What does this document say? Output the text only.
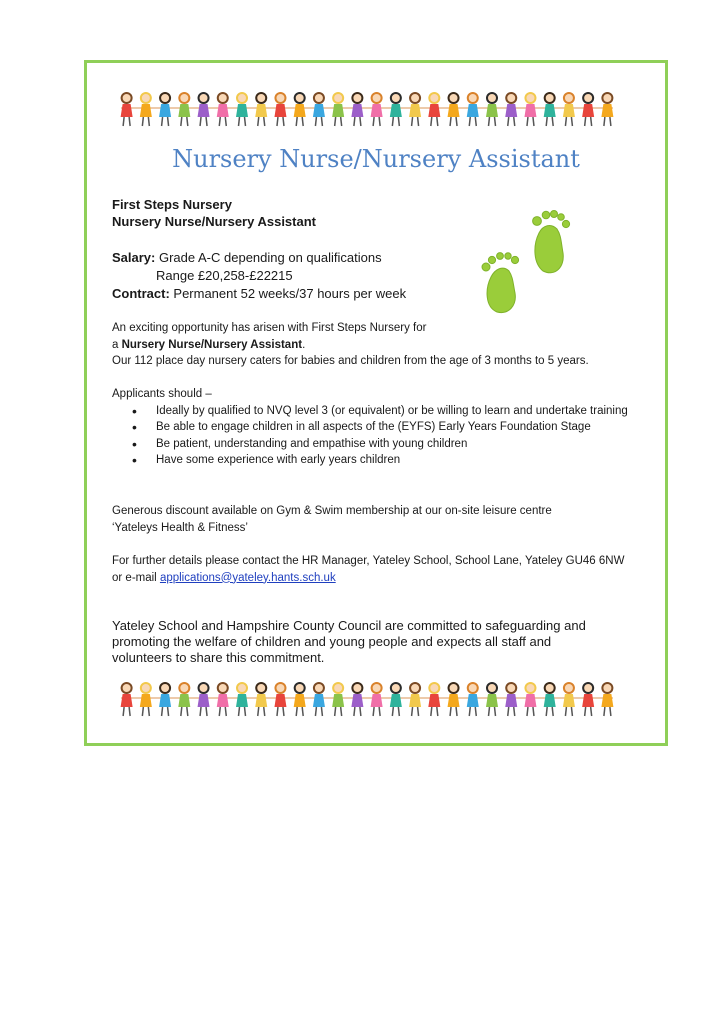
Nursery Nurse/Nursery Assistant
First Steps Nursery
Nursery Nurse/Nursery Assistant
Salary: Grade A-C depending on qualifications
Range £20,258-£22215
Contract: Permanent 52 weeks/37 hours per week
An exciting opportunity has arisen with First Steps Nursery for
a Nursery Nurse/Nursery Assistant.
Our 112 place day nursery caters for babies and children from the age of 3 months to 5 years.
Applicants should –
• Ideally by qualified to NVQ level 3 (or equivalent) or be willing to learn and undertake training
• Be able to engage children in all aspects of the (EYFS) Early Years Foundation Stage
• Be patient, understanding and empathise with young children
• Have some experience with early years children
Generous discount available on Gym & Swim membership at our on-site leisure centre
‘Yateleys Health & Fitness’
For further details please contact the HR Manager, Yateley School, School Lane, Yateley GU46 6NW or e-mail applications@yateley.hants.sch.uk
Yateley School and Hampshire County Council are committed to safeguarding and promoting the welfare of children and young people and expects all staff and volunteers to share this commitment.
